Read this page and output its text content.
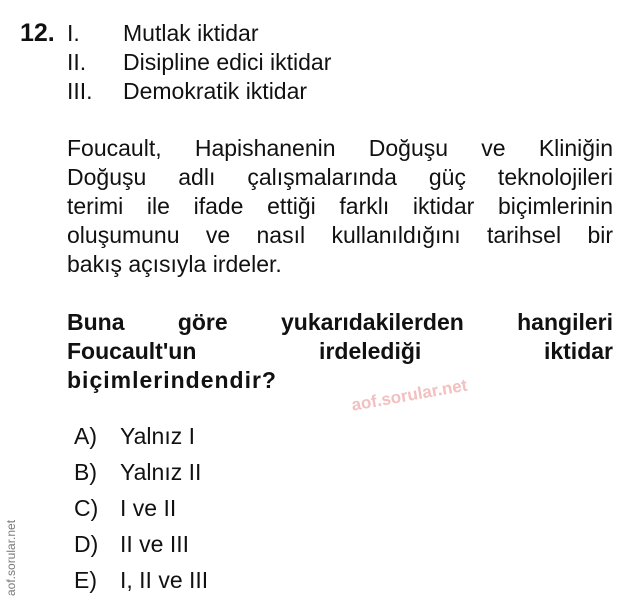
12. I. Mutlak iktidar
II. Disipline edici iktidar
III. Demokratik iktidar
Foucault, Hapishanenin Doğuşu ve Kliniğin
Doğuşu adlı çalışmalarında güç teknolojileri
terimi ile ifade ettiği farklı iktidar biçimlerinin
oluşumunu ve nasıl kullanıldığını tarihsel bir
bakış açısıyla irdeler.
Buna göre yukarıdakilerden hangileri
Foucault'un irdelediği iktidar
biçimlerindendir?
A) Yalnız I
B) Yalnız II
C) I ve II
D) II ve III
E) I, II ve III
aof.sorular.net
aof.sorular.net
